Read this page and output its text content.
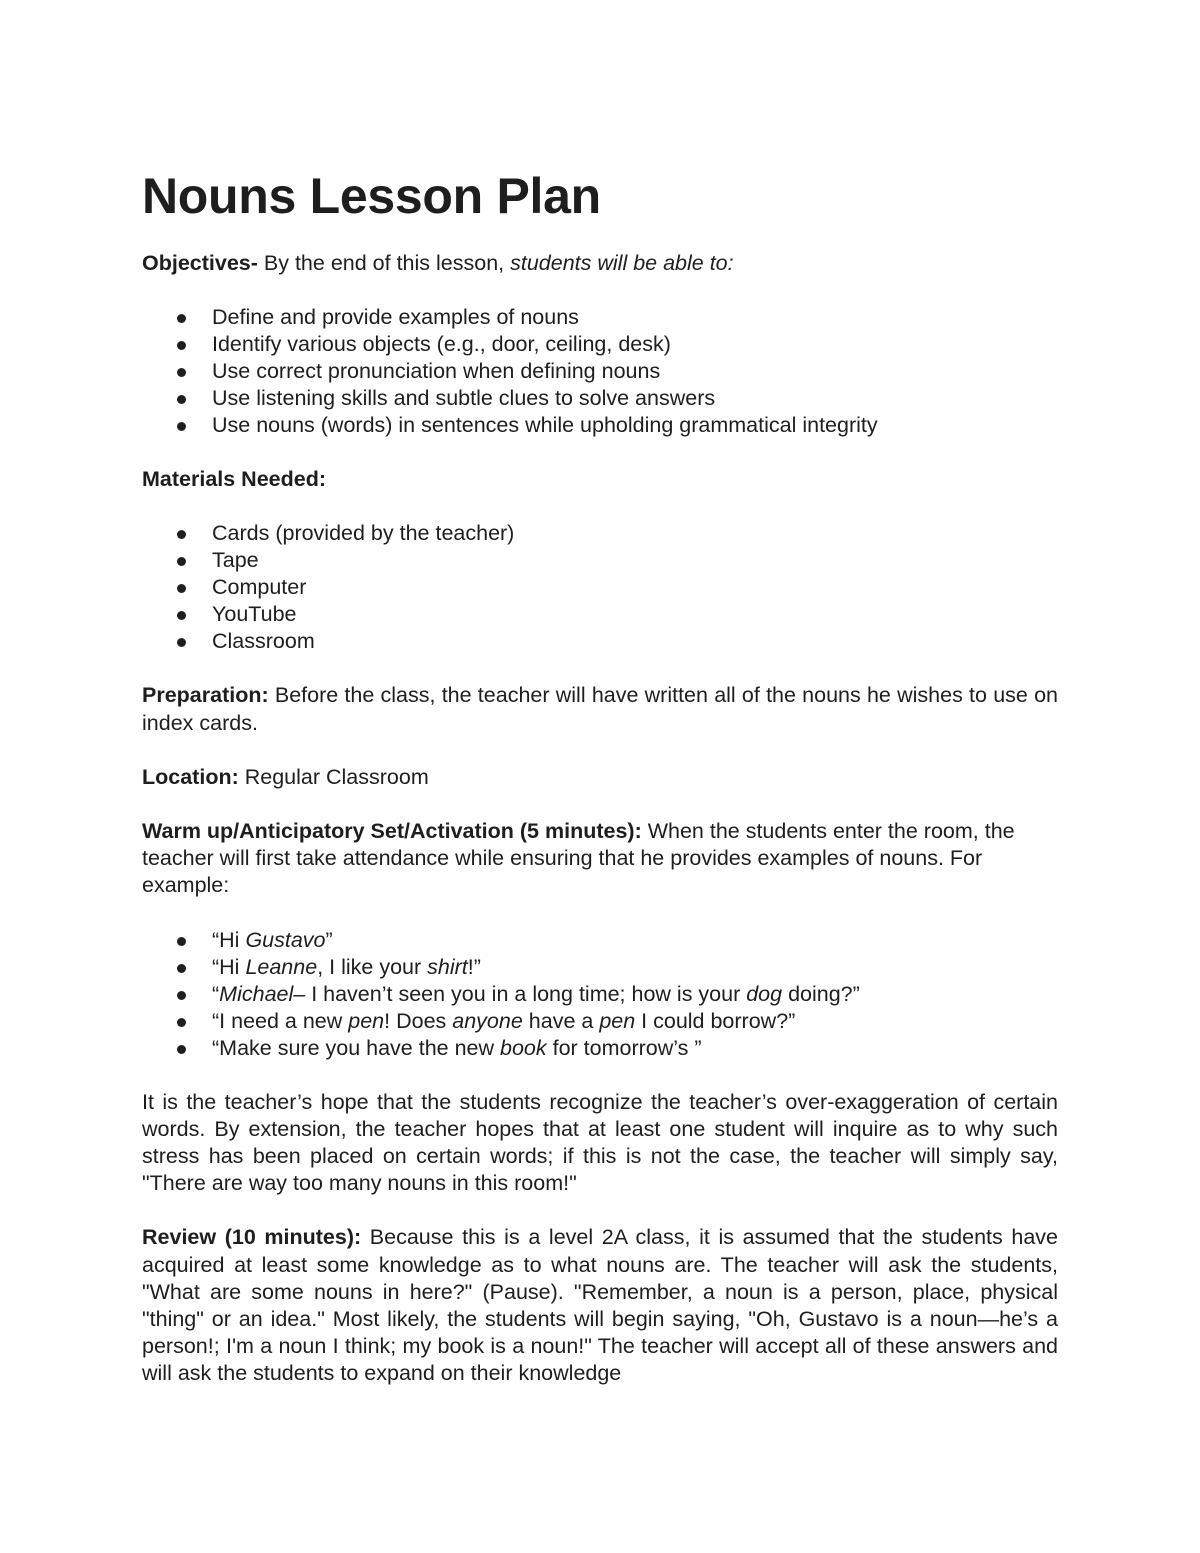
Nouns Lesson Plan

Objectives- By the end of this lesson, students will be able to:

Define and provide examples of nouns
Identify various objects (e.g., door, ceiling, desk)
Use correct pronunciation when defining nouns
Use listening skills and subtle clues to solve answers
Use nouns (words) in sentences while upholding grammatical integrity

Materials Needed:

Cards (provided by the teacher)
Tape
Computer
YouTube
Classroom

Preparation: Before the class, the teacher will have written all of the nouns he wishes to use on index cards.

Location: Regular Classroom

Warm up/Anticipatory Set/Activation (5 minutes): When the students enter the room, the teacher will first take attendance while ensuring that he provides examples of nouns. For example:

“Hi Gustavo”
“Hi Leanne, I like your shirt!”
“Michael– I haven’t seen you in a long time; how is your dog doing?”
“I need a new pen! Does anyone have a pen I could borrow?”
“Make sure you have the new book for tomorrow’s ”

It is the teacher’s hope that the students recognize the teacher’s over-exaggeration of certain words. By extension, the teacher hopes that at least one student will inquire as to why such stress has been placed on certain words; if this is not the case, the teacher will simply say, "There are way too many nouns in this room!"

Review (10 minutes): Because this is a level 2A class, it is assumed that the students have acquired at least some knowledge as to what nouns are. The teacher will ask the students, "What are some nouns in here?" (Pause). "Remember, a noun is a person, place, physical "thing" or an idea." Most likely, the students will begin saying, "Oh, Gustavo is a noun—he’s a person!; I'm a noun I think; my book is a noun!" The teacher will accept all of these answers and will ask the students to expand on their knowledge
